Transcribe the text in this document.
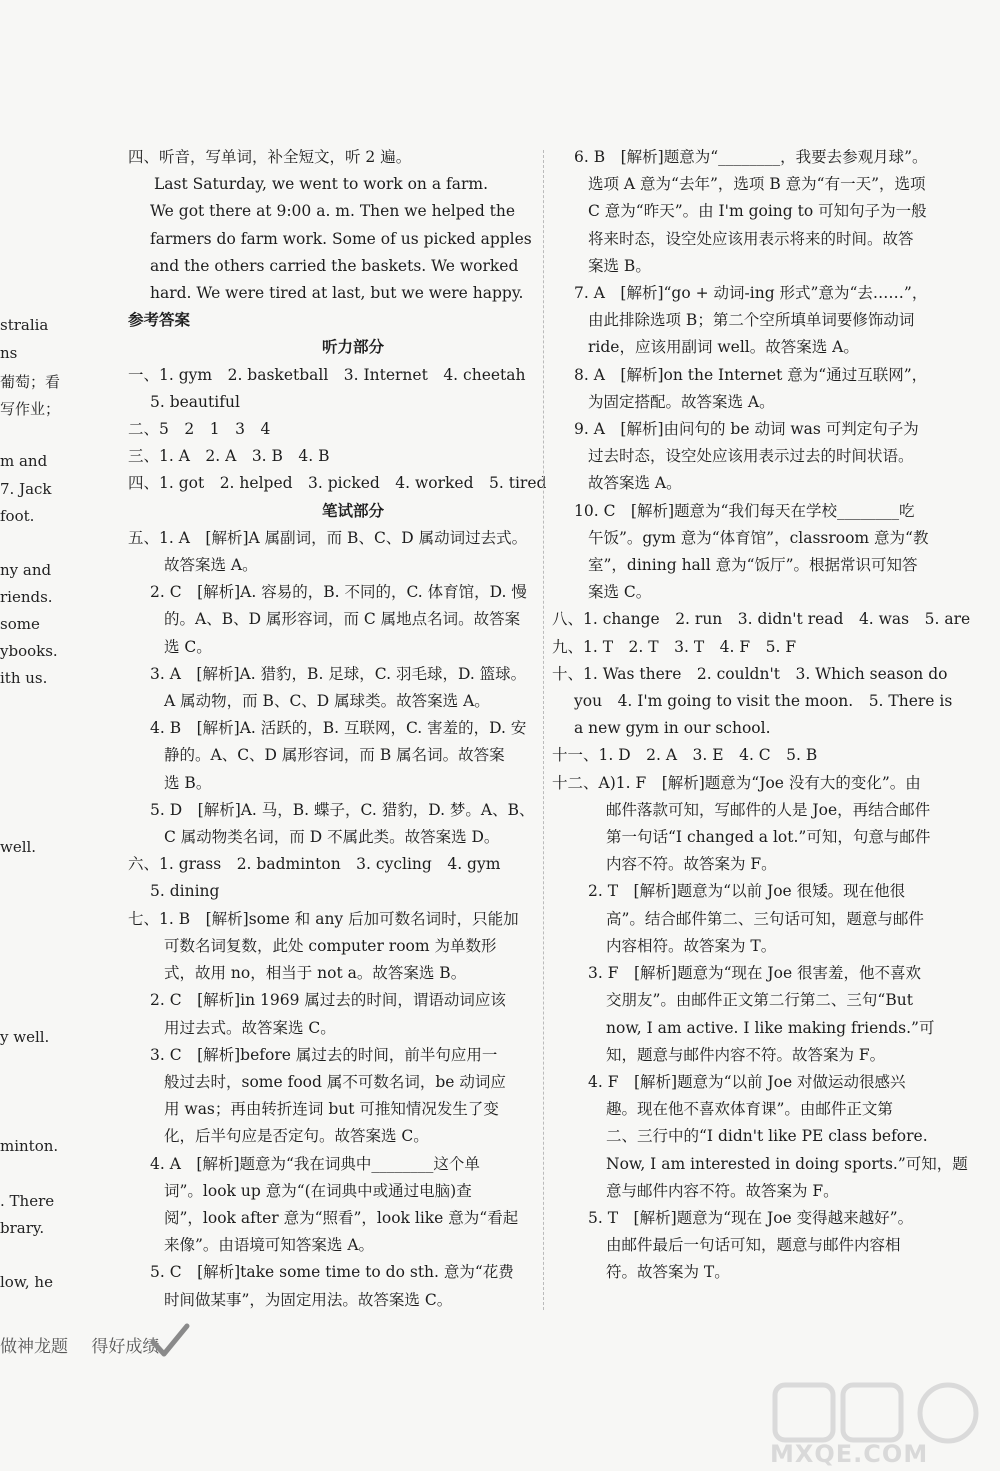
stralia
ns
葡萄；看
写作业；
m and
7. Jack
foot.
ny and
riends.
some
ybooks.
ith us.
well.
y well.
minton.
. There
brary.
low, he

四、听音，写单词，补全短文，听 2 遍。

Last Saturday, we went to work on a farm.

We got there at 9:00 a. m. Then we helped the

farmers do farm work. Some of us picked apples

and the others carried the baskets. We worked

hard. We were tired at last, but we were happy.

参考答案

听力部分

一、1. gym　2. basketball　3. Internet　4. cheetah

5. beautiful

二、5　2　1　3　4

三、1. A　2. A　3. B　4. B

四、1. got　2. helped　3. picked　4. worked　5. tired

笔试部分

五、1. A　[解析]A 属副词，而 B、C、D 属动词过去式。

故答案选 A。

2. C　[解析]A. 容易的，B. 不同的，C. 体育馆，D. 慢

的。A、B、D 属形容词，而 C 属地点名词。故答案

选 C。

3. A　[解析]A. 猎豹，B. 足球，C. 羽毛球，D. 篮球。

A 属动物，而 B、C、D 属球类。故答案选 A。

4. B　[解析]A. 活跃的，B. 互联网，C. 害羞的，D. 安

静的。A、C、D 属形容词，而 B 属名词。故答案

选 B。

5. D　[解析]A. 马，B. 蝶子，C. 猎豹，D. 梦。A、B、

C 属动物类名词，而 D 不属此类。故答案选 D。

六、1. grass　2. badminton　3. cycling　4. gym

5. dining

七、1. B　[解析]some 和 any 后加可数名词时，只能加

可数名词复数，此处 computer room 为单数形

式，故用 no，相当于 not a。故答案选 B。

2. C　[解析]in 1969 属过去的时间，谓语动词应该

用过去式。故答案选 C。

3. C　[解析]before 属过去的时间，前半句应用一

般过去时，some food 属不可数名词，be 动词应

用 was；再由转折连词 but 可推知情况发生了变

化，后半句应是否定句。故答案选 C。

4. A　[解析]题意为“我在词典中________这个单

词”。look up 意为“(在词典中或通过电脑)查

阅”，look after 意为“照看”，look like 意为“看起

来像”。由语境可知答案选 A。

5. C　[解析]take some time to do sth. 意为“花费

时间做某事”，为固定用法。故答案选 C。

6. B　[解析]题意为“________，我要去参观月球”。

选项 A 意为“去年”，选项 B 意为“有一天”，选项

C 意为“昨天”。由 I'm going to 可知句子为一般

将来时态，设空处应该用表示将来的时间。故答

案选 B。

7. A　[解析]“go + 动词-ing 形式”意为“去……”，

由此排除选项 B；第二个空所填单词要修饰动词

ride，应该用副词 well。故答案选 A。

8. A　[解析]on the Internet 意为“通过互联网”，

为固定搭配。故答案选 A。

9. A　[解析]由问句的 be 动词 was 可判定句子为

过去时态，设空处应该用表示过去的时间状语。

故答案选 A。

10. C　[解析]题意为“我们每天在学校________吃

午饭”。gym 意为“体育馆”，classroom 意为“教

室”，dining hall 意为“饭厅”。根据常识可知答

案选 C。

八、1. change　2. run　3. didn't read　4. was　5. are

九、1. T　2. T　3. T　4. F　5. F

十、1. Was there　2. couldn't　3. Which season do

you　4. I'm going to visit the moon.　5. There is

a new gym in our school.

十一、1. D　2. A　3. E　4. C　5. B

十二、A)1. F　[解析]题意为“Joe 没有大的变化”。由

邮件落款可知，写邮件的人是 Joe，再结合邮件

第一句话“I changed a lot.”可知，句意与邮件

内容不符。故答案为 F。

2. T　[解析]题意为“以前 Joe 很矮。现在他很

高”。结合邮件第二、三句话可知，题意与邮件

内容相符。故答案为 T。

3. F　[解析]题意为“现在 Joe 很害羞，他不喜欢

交朋友”。由邮件正文第二行第二、三句“But

now, I am active. I like making friends.”可

知，题意与邮件内容不符。故答案为 F。

4. F　[解析]题意为“以前 Joe 对做运动很感兴

趣。现在他不喜欢体育课”。由邮件正文第

二、三行中的“I didn't like PE class before.

Now, I am interested in doing sports.”可知，题

意与邮件内容不符。故答案为 F。

5. T　[解析]题意为“现在 Joe 变得越来越好”。

由邮件最后一句话可知，题意与邮件内容相

符。故答案为 T。

做神龙题 得好成绩
MXQE.COM
